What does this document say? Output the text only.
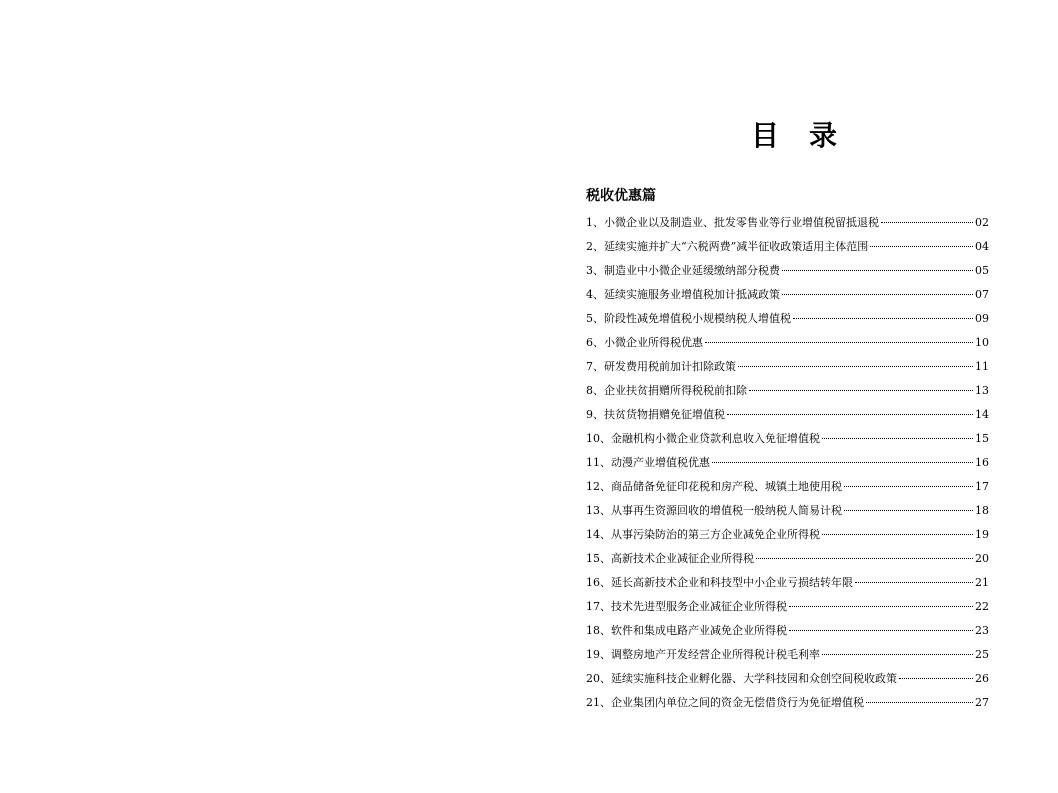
目录
税收优惠篇
1、小微企业以及制造业、批发零售业等行业增值税留抵退税	02
2、延续实施并扩大“六税两费”减半征收政策适用主体范围	04
3、制造业中小微企业延缓缴纳部分税费	05
4、延续实施服务业增值税加计抵减政策	07
5、阶段性减免增值税小规模纳税人增值税	09
6、小微企业所得税优惠	10
7、研发费用税前加计扣除政策	11
8、企业扶贫捐赠所得税税前扣除	13
9、扶贫货物捐赠免征增值税	14
10、金融机构小微企业贷款利息收入免征增值税	15
11、动漫产业增值税优惠	16
12、商品储备免征印花税和房产税、城镇土地使用税	17
13、从事再生资源回收的增值税一般纳税人简易计税	18
14、从事污染防治的第三方企业减免企业所得税	19
15、高新技术企业减征企业所得税	20
16、延长高新技术企业和科技型中小企业亏损结转年限	21
17、技术先进型服务企业减征企业所得税	22
18、软件和集成电路产业减免企业所得税	23
19、调整房地产开发经营企业所得税计税毛利率	25
20、延续实施科技企业孵化器、大学科技园和众创空间税收政策	26
21、企业集团内单位之间的资金无偿借贷行为免征增值税	27
